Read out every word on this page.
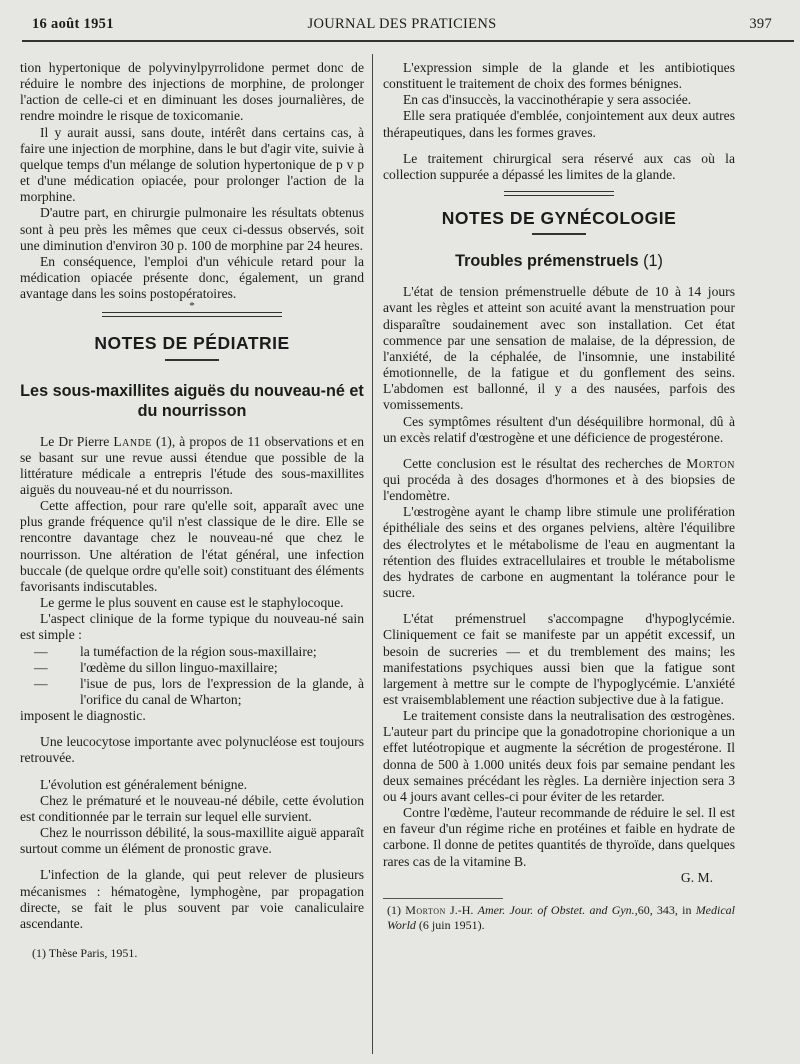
16 août 1951	JOURNAL DES PRATICIENS	397

tion hypertonique de polyvinylpyrrolidone permet donc de réduire le nombre des injections de morphine, de prolonger l'action de celle-ci et en diminuant les doses journalières, de rendre moindre le risque de toxicomanie.

Il y aurait aussi, sans doute, intérêt dans certains cas, à faire une injection de morphine, dans le but d'agir vite, suivie à quelque temps d'un mélange de solution hypertonique de p v p et d'une médication opiacée, pour prolonger l'action de la morphine.

D'autre part, en chirurgie pulmonaire les résultats obtenus sont à peu près les mêmes que ceux ci-dessus observés, soit une diminution d'environ 30 p. 100 de morphine par 24 heures.

En conséquence, l'emploi d'un véhicule retard pour la médication opiacée présente donc, également, un grand avantage dans les soins postopératoires.

*

NOTES DE PÉDIATRIE

Les sous-maxillites aiguës du nouveau-né et du nourrisson

Le Dr Pierre Lande (1), à propos de 11 observations et en se basant sur une revue aussi étendue que possible de la littérature médicale a entrepris l'étude des sous-maxillites aiguës du nouveau-né et du nourrisson.

Cette affection, pour rare qu'elle soit, apparaît avec une plus grande fréquence qu'il n'est classique de le dire. Elle se rencontre davantage chez le nouveau-né que chez le nourrisson. Une altération de l'état général, une infection buccale (de quelque ordre qu'elle soit) constituant des éléments favorisants indiscutables.

Le germe le plus souvent en cause est le staphylocoque.

L'aspect clinique de la forme typique du nouveau-né sain est simple :

— la tuméfaction de la région sous-maxillaire;
— l'œdème du sillon linguo-maxillaire;
— l'isue de pus, lors de l'expression de la glande, à l'orifice du canal de Wharton;

imposent le diagnostic.

Une leucocytose importante avec polynucléose est toujours retrouvée.

L'évolution est généralement bénigne.

Chez le prématuré et le nouveau-né débile, cette évolution est conditionnée par le terrain sur lequel elle survient.

Chez le nourrisson débilité, la sous-maxillite aiguë apparaît surtout comme un élément de pronostic grave.

L'infection de la glande, qui peut relever de plusieurs mécanismes : hématogène, lymphogène, par propagation directe, se fait le plus souvent par voie canaliculaire ascendante.

(1) Thèse Paris, 1951.

L'expression simple de la glande et les antibiotiques constituent le traitement de choix des formes bénignes.

En cas d'insuccès, la vaccinothérapie y sera associée.

Elle sera pratiquée d'emblée, conjointement aux deux autres thérapeutiques, dans les formes graves.

Le traitement chirurgical sera réservé aux cas où la collection suppurée a dépassé les limites de la glande.

NOTES DE GYNÉCOLOGIE

Troubles prémenstruels (1)

L'état de tension prémenstruelle débute de 10 à 14 jours avant les règles et atteint son acuité avant la menstruation pour disparaître soudainement avec son installation. Cet état commence par une sensation de malaise, de la dépression, de l'anxiété, de la céphalée, de l'insomnie, une instabilité émotionnelle, de la fatigue et du gonflement des seins. L'abdomen est ballonné, il y a des nausées, parfois des vomissements.

Ces symptômes résultent d'un déséquilibre hormonal, dû à un excès relatif d'œstrogène et une déficience de progestérone.

Cette conclusion est le résultat des recherches de Morton qui procéda à des dosages d'hormones et à des biopsies de l'endomètre.

L'œstrogène ayant le champ libre stimule une prolifération épithéliale des seins et des organes pelviens, altère l'équilibre des électrolytes et le métabolisme de l'eau en augmentant la rétention des fluides extracellulaires et trouble le métabolisme des hydrates de carbone en augmentant la tolérance pour le sucre.

L'état prémenstruel s'accompagne d'hypoglycémie. Cliniquement ce fait se manifeste par un appétit excessif, un besoin de sucreries — et du tremblement des mains; les manifestations psychiques aussi bien que la fatigue sont largement à mettre sur le compte de l'hypoglycémie. L'anxiété est vraisemblablement une réaction subjective due à la fatigue.

Le traitement consiste dans la neutralisation des œstrogènes. L'auteur part du principe que la gonadotropine chorionique a un effet lutéotropique et augmente la sécrétion de progestérone. Il donna de 500 à 1.000 unités deux fois par semaine pendant les deux semaines précédant les règles. La dernière injection sera 3 ou 4 jours avant celles-ci pour éviter de les retarder.

Contre l'œdème, l'auteur recommande de réduire le sel. Il est en faveur d'un régime riche en protéines et faible en hydrate de carbone. Il donne de petites quantités de thyroïde, dans quelques rares cas de la vitamine B.

G. M.

(1) Morton J.-H. Amer. Jour. of Obstet. and Gyn.,60, 343, in Medical World (6 juin 1951).
